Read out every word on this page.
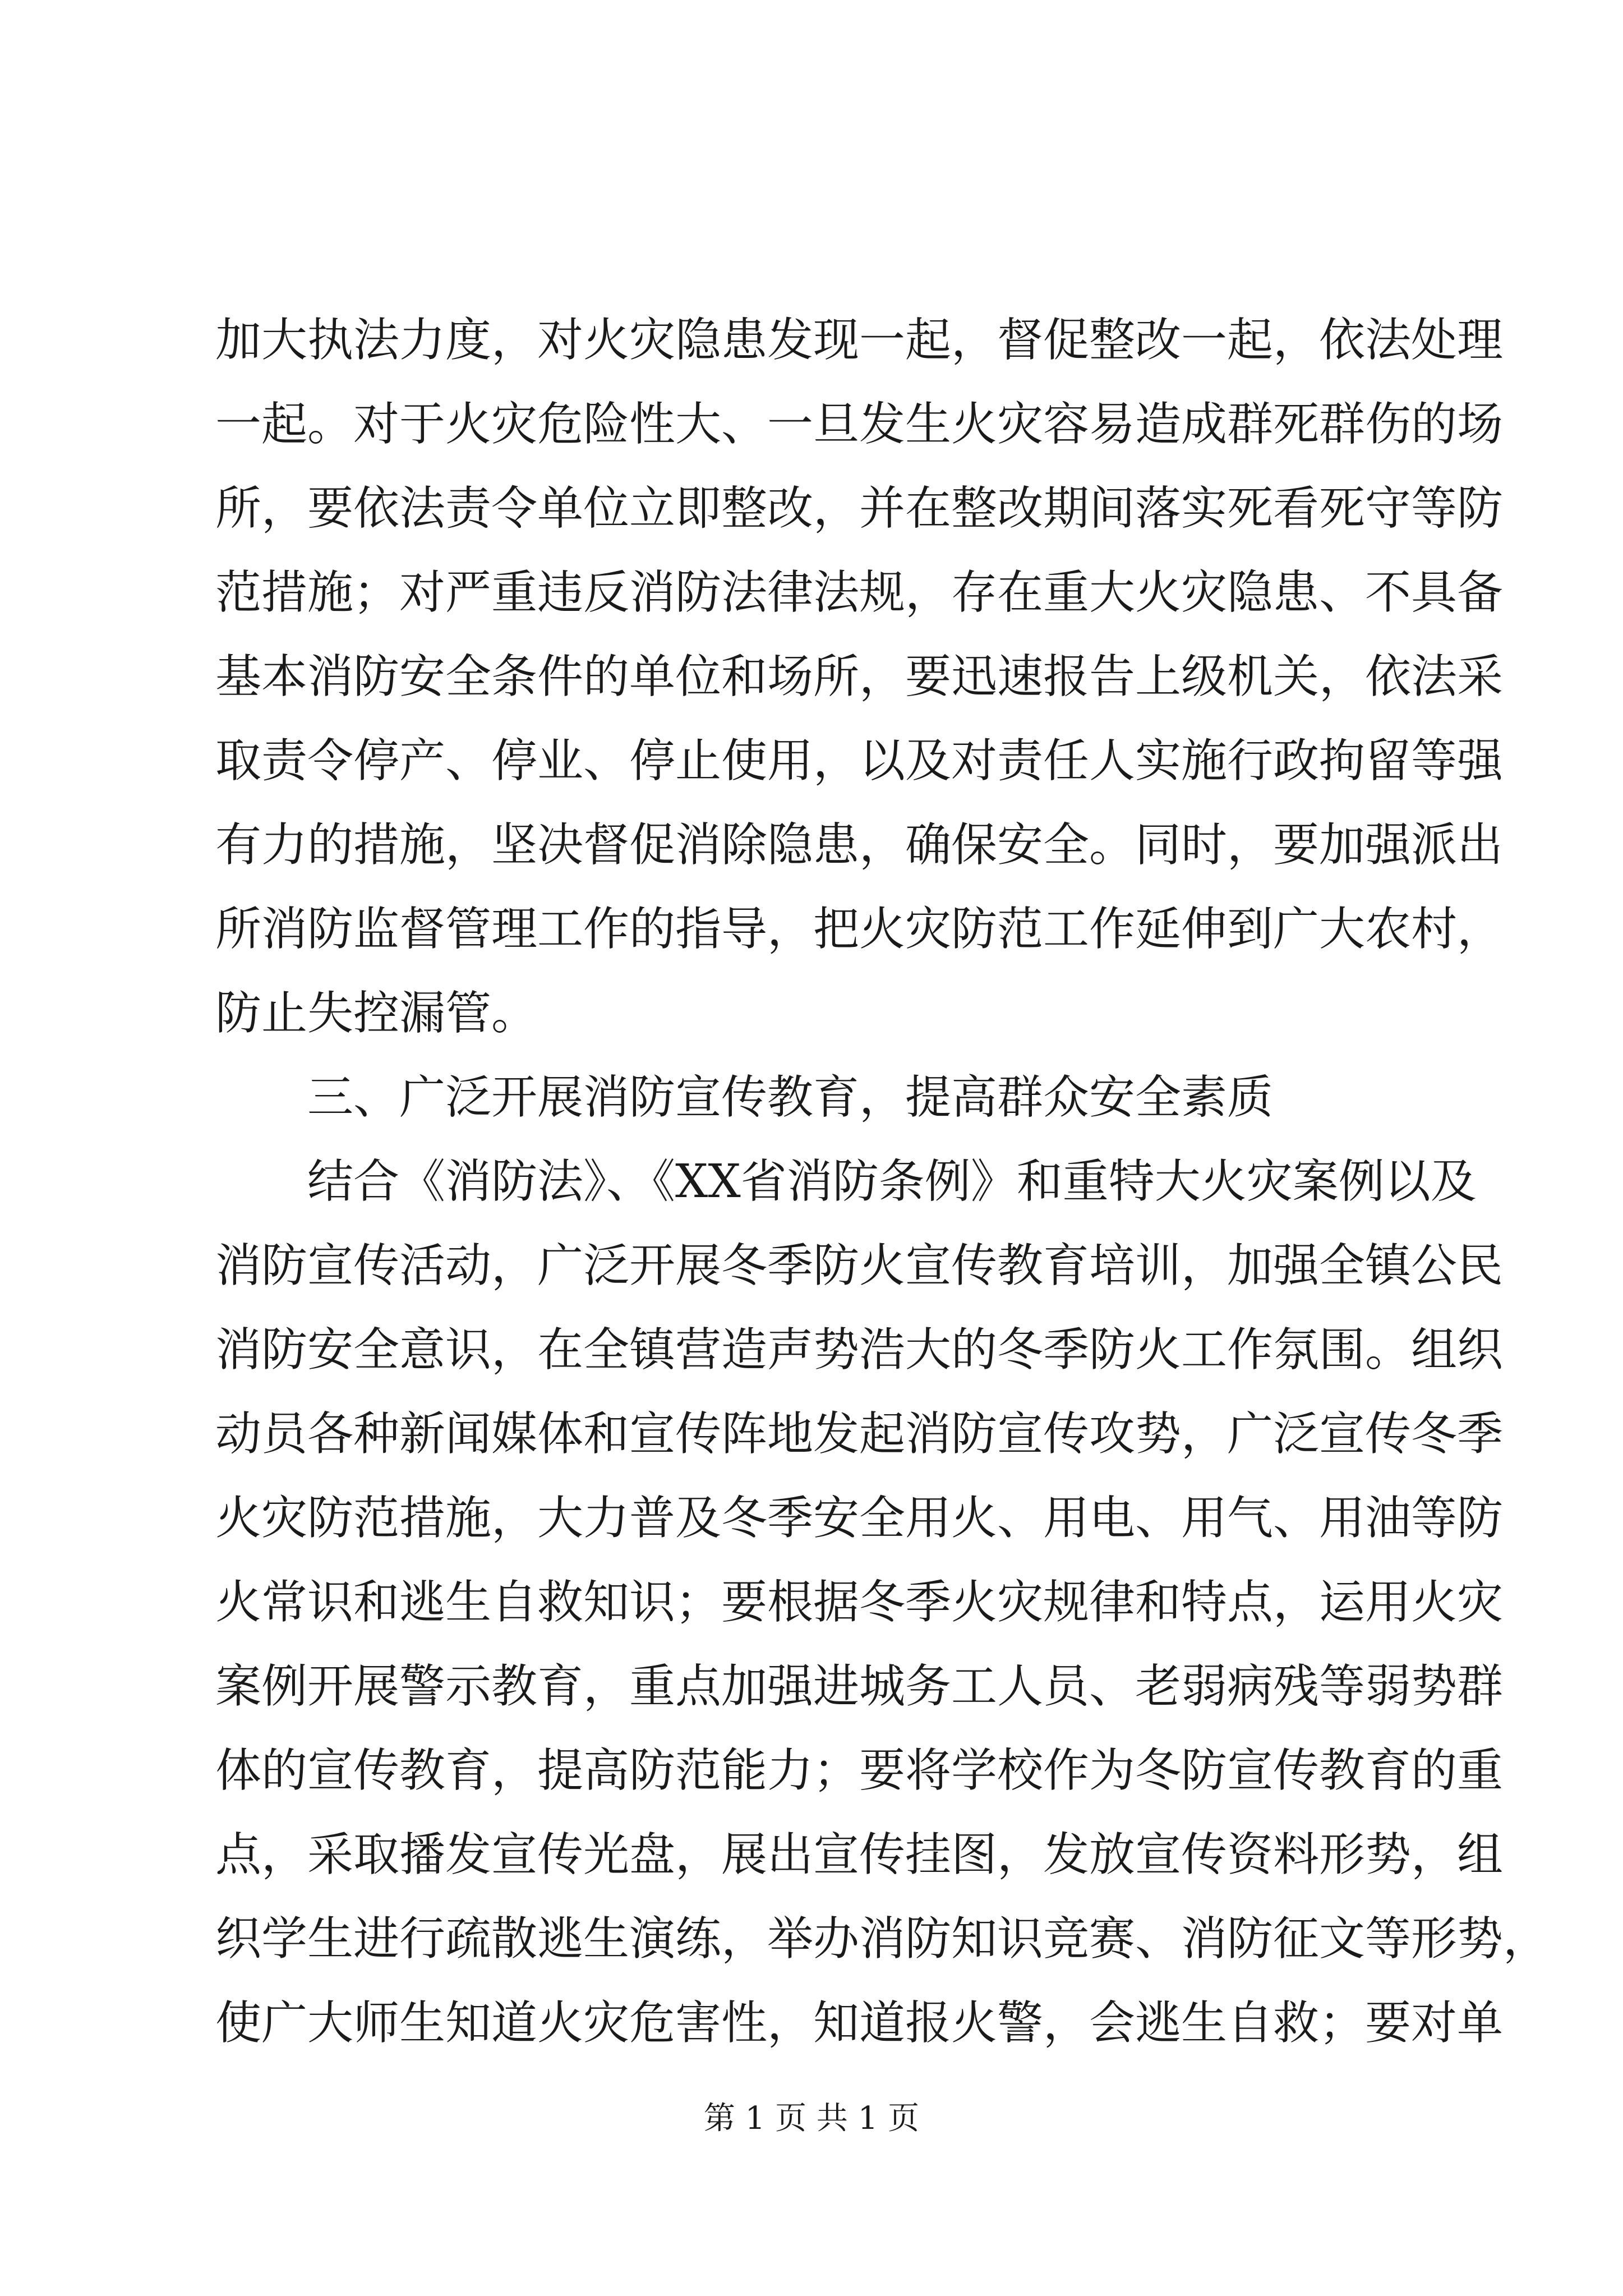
加大执法力度，对火灾隐患发现一起，督促整改一起，依法处理
一起。对于火灾危险性大、一旦发生火灾容易造成群死群伤的场
所，要依法责令单位立即整改，并在整改期间落实死看死守等防
范措施；对严重违反消防法律法规，存在重大火灾隐患、不具备
基本消防安全条件的单位和场所，要迅速报告上级机关，依法采
取责令停产、停业、停止使用，以及对责任人实施行政拘留等强
有力的措施，坚决督促消除隐患，确保安全。同时，要加强派出
所消防监督管理工作的指导，把火灾防范工作延伸到广大农村，
防止失控漏管。
三、广泛开展消防宣传教育，提高群众安全素质
结合《消防法》、《XX省消防条例》和重特大火灾案例以及
消防宣传活动，广泛开展冬季防火宣传教育培训，加强全镇公民
消防安全意识，在全镇营造声势浩大的冬季防火工作氛围。组织
动员各种新闻媒体和宣传阵地发起消防宣传攻势，广泛宣传冬季
火灾防范措施，大力普及冬季安全用火、用电、用气、用油等防
火常识和逃生自救知识；要根据冬季火灾规律和特点，运用火灾
案例开展警示教育，重点加强进城务工人员、老弱病残等弱势群
体的宣传教育，提高防范能力；要将学校作为冬防宣传教育的重
点，采取播发宣传光盘，展出宣传挂图，发放宣传资料形势，组
织学生进行疏散逃生演练，举办消防知识竞赛、消防征文等形势，
使广大师生知道火灾危害性，知道报火警，会逃生自救；要对单
第 1 页 共 1 页
